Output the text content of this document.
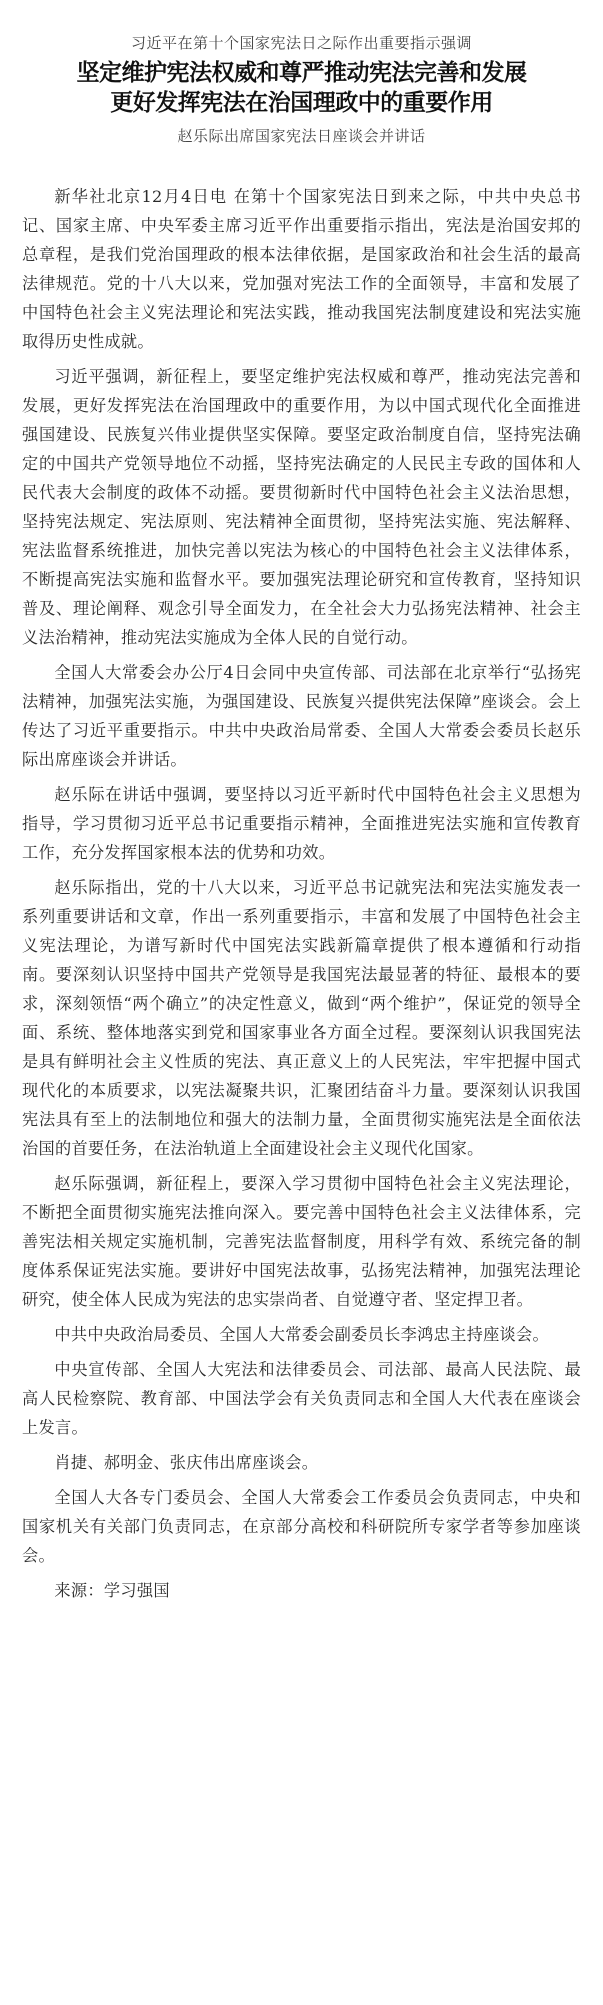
习近平在第十个国家宪法日之际作出重要指示强调
坚定维护宪法权威和尊严推动宪法完善和发展
更好发挥宪法在治国理政中的重要作用
赵乐际出席国家宪法日座谈会并讲话

新华社北京12月4日电 在第十个国家宪法日到来之际，中共中央总书记、国家主席、中央军委主席习近平作出重要指示指出，宪法是治国安邦的总章程，是我们党治国理政的根本法律依据，是国家政治和社会生活的最高法律规范。党的十八大以来，党加强对宪法工作的全面领导，丰富和发展了中国特色社会主义宪法理论和宪法实践，推动我国宪法制度建设和宪法实施取得历史性成就。

习近平强调，新征程上，要坚定维护宪法权威和尊严，推动宪法完善和发展，更好发挥宪法在治国理政中的重要作用，为以中国式现代化全面推进强国建设、民族复兴伟业提供坚实保障。要坚定政治制度自信，坚持宪法确定的中国共产党领导地位不动摇，坚持宪法确定的人民民主专政的国体和人民代表大会制度的政体不动摇。要贯彻新时代中国特色社会主义法治思想，坚持宪法规定、宪法原则、宪法精神全面贯彻，坚持宪法实施、宪法解释、宪法监督系统推进，加快完善以宪法为核心的中国特色社会主义法律体系，不断提高宪法实施和监督水平。要加强宪法理论研究和宣传教育，坚持知识普及、理论阐释、观念引导全面发力，在全社会大力弘扬宪法精神、社会主义法治精神，推动宪法实施成为全体人民的自觉行动。

全国人大常委会办公厅4日会同中央宣传部、司法部在北京举行“弘扬宪法精神，加强宪法实施，为强国建设、民族复兴提供宪法保障”座谈会。会上传达了习近平重要指示。中共中央政治局常委、全国人大常委会委员长赵乐际出席座谈会并讲话。

赵乐际在讲话中强调，要坚持以习近平新时代中国特色社会主义思想为指导，学习贯彻习近平总书记重要指示精神，全面推进宪法实施和宣传教育工作，充分发挥国家根本法的优势和功效。

赵乐际指出，党的十八大以来，习近平总书记就宪法和宪法实施发表一系列重要讲话和文章，作出一系列重要指示，丰富和发展了中国特色社会主义宪法理论，为谱写新时代中国宪法实践新篇章提供了根本遵循和行动指南。要深刻认识坚持中国共产党领导是我国宪法最显著的特征、最根本的要求，深刻领悟“两个确立”的决定性意义，做到“两个维护”，保证党的领导全面、系统、整体地落实到党和国家事业各方面全过程。要深刻认识我国宪法是具有鲜明社会主义性质的宪法、真正意义上的人民宪法，牢牢把握中国式现代化的本质要求，以宪法凝聚共识，汇聚团结奋斗力量。要深刻认识我国宪法具有至上的法制地位和强大的法制力量，全面贯彻实施宪法是全面依法治国的首要任务，在法治轨道上全面建设社会主义现代化国家。

赵乐际强调，新征程上，要深入学习贯彻中国特色社会主义宪法理论，不断把全面贯彻实施宪法推向深入。要完善中国特色社会主义法律体系，完善宪法相关规定实施机制，完善宪法监督制度，用科学有效、系统完备的制度体系保证宪法实施。要讲好中国宪法故事，弘扬宪法精神，加强宪法理论研究，使全体人民成为宪法的忠实崇尚者、自觉遵守者、坚定捍卫者。

中共中央政治局委员、全国人大常委会副委员长李鸿忠主持座谈会。

中央宣传部、全国人大宪法和法律委员会、司法部、最高人民法院、最高人民检察院、教育部、中国法学会有关负责同志和全国人大代表在座谈会上发言。

肖捷、郝明金、张庆伟出席座谈会。

全国人大各专门委员会、全国人大常委会工作委员会负责同志，中央和国家机关有关部门负责同志，在京部分高校和科研院所专家学者等参加座谈会。

来源：学习强国
